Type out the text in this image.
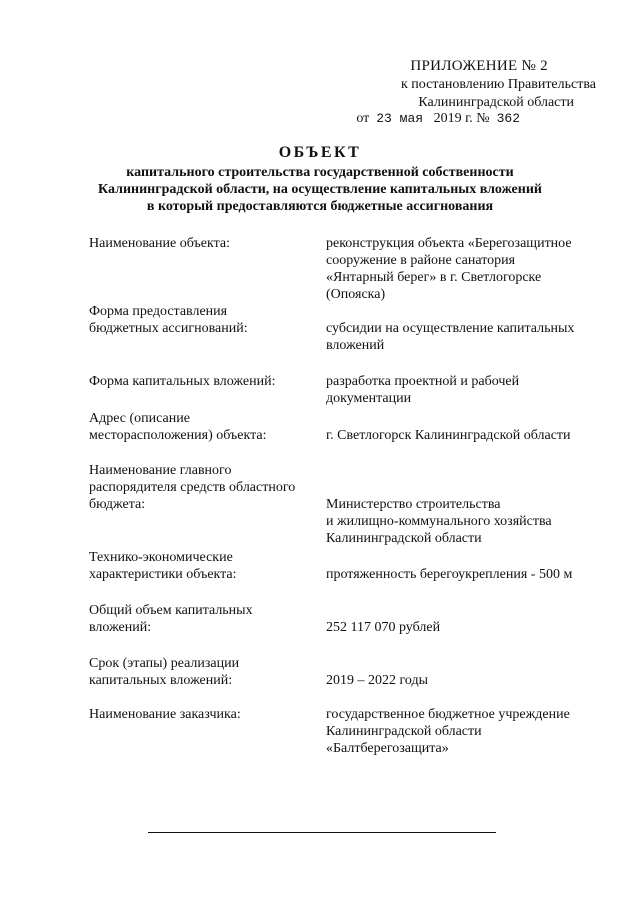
ПРИЛОЖЕНИЕ № 2
к постановлению Правительства
Калининградской области
от 23 мая 2019 г. № 362
ОБЪЕКТ
капитального строительства государственной собственности
Калининградской области, на осуществление капитальных вложений
в который предоставляются бюджетные ассигнования
Наименование объекта:	реконструкция объекта «Берегозащитное
сооружение в районе санатория
«Янтарный берег» в г. Светлогорске
(Опояска)
Форма предоставления
бюджетных ассигнований:	субсидии на осуществление капитальных
вложений
Форма капитальных вложений:	разработка проектной и рабочей
документации
Адрес (описание
месторасположения) объекта:	г. Светлогорск Калининградской области
Наименование главного
распорядителя средств областного
бюджета:	Министерство строительства
и жилищно-коммунального хозяйства
Калининградской области
Технико-экономические
характеристики объекта:	протяженность берегоукрепления - 500 м
Общий объем капитальных
вложений:	252 117 070 рублей
Срок (этапы) реализации
капитальных вложений:	2019 – 2022 годы
Наименование заказчика:	государственное бюджетное учреждение
Калининградской области
«Балтберегозащита»
